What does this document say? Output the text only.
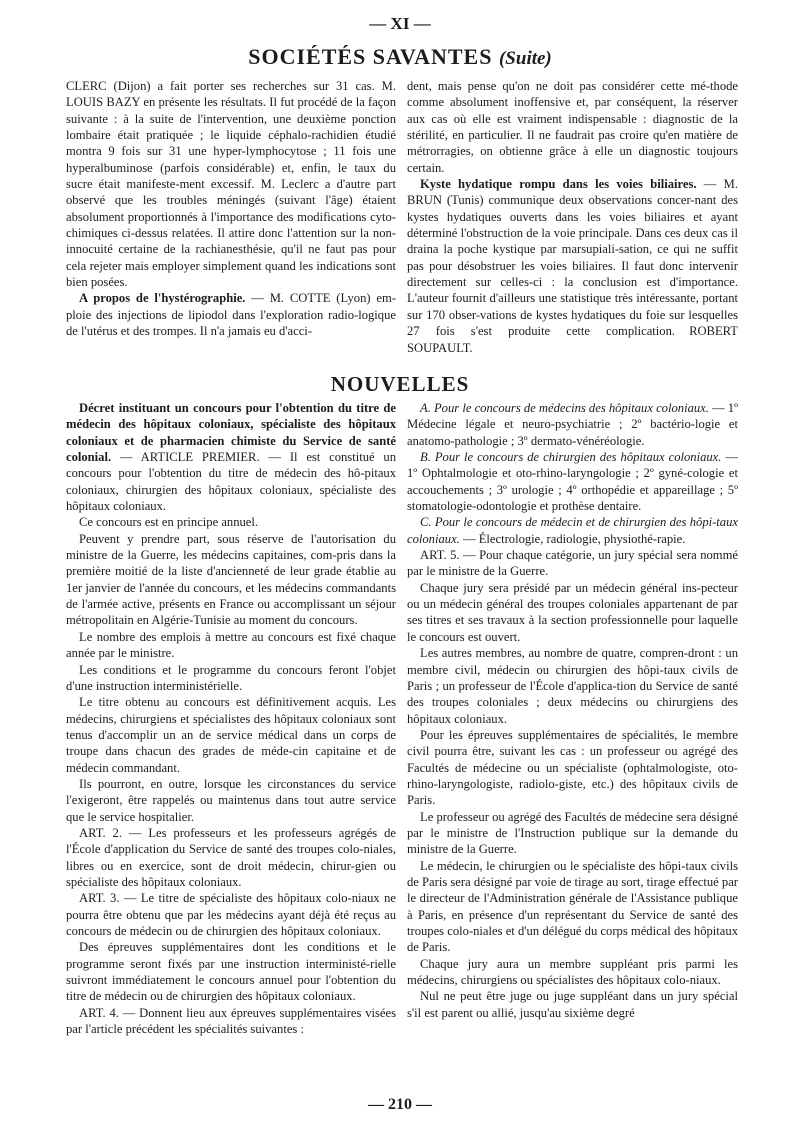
— XI —
SOCIÉTÉS SAVANTES (Suite)

CLERC (Dijon) a fait porter ses recherches sur 31 cas. M. LOUIS BAZY en présente les résultats. Il fut procédé de la façon suivante : à la suite de l'intervention, une deuxième ponction lombaire était pratiquée ; le liquide céphalo-rachidien étudié montra 9 fois sur 31 une hyper-lymphocytose ; 11 fois une hyperalbuminose (parfois considérable) et, enfin, le taux du sucre était manifeste-ment excessif. M. Leclerc a d'autre part observé que les troubles méningés (suivant l'âge) étaient absolument proportionnés à l'importance des modifications cyto-chimiques ci-dessus relatées. Il attire donc l'attention sur la non-innocuité certaine de la rachianesthésie, qu'il ne faut pas pour cela rejeter mais employer simplement quand les indications sont bien posées.

A propos de l'hystérographie. — M. COTTE (Lyon) em-ploie des injections de lipiodol dans l'exploration radio-logique de l'utérus et des trompes. Il n'a jamais eu d'acci-

dent, mais pense qu'on ne doit pas considérer cette mé-thode comme absolument inoffensive et, par conséquent, la réserver aux cas où elle est vraiment indispensable : diagnostic de la stérilité, en particulier. Il ne faudrait pas croire qu'en matière de métrorragies, on obtienne grâce à elle un diagnostic toujours certain.

Kyste hydatique rompu dans les voies biliaires. — M. BRUN (Tunis) communique deux observations concer-nant des kystes hydatiques ouverts dans les voies biliaires et ayant déterminé l'obstruction de la voie principale. Dans ces deux cas il draina la poche kystique par marsupiali-sation, ce qui ne suffit pas pour désobstruer les voies biliaires. Il faut donc intervenir directement sur celles-ci : la conclusion est d'importance. L'auteur fournit d'ailleurs une statistique très intéressante, portant sur 170 obser-vations de kystes hydatiques du foie sur lesquelles 27 fois s'est produite cette complication. ROBERT SOUPAULT.

NOUVELLES

Décret instituant un concours pour l'obtention du titre de médecin des hôpitaux coloniaux, spécialiste des hôpitaux coloniaux et de pharmacien chimiste du Service de santé colonial. — ARTICLE PREMIER. — Il est constitué un concours pour l'obtention du titre de médecin des hô-pitaux coloniaux, chirurgien des hôpitaux coloniaux, spécialiste des hôpitaux coloniaux.

Ce concours est en principe annuel.

Peuvent y prendre part, sous réserve de l'autorisation du ministre de la Guerre, les médecins capitaines, com-pris dans la première moitié de la liste d'ancienneté de leur grade établie au 1er janvier de l'année du concours, et les médecins commandants de l'armée active, présents en France ou accomplissant un séjour métropolitain en Algérie-Tunisie au moment du concours.

Le nombre des emplois à mettre au concours est fixé chaque année par le ministre.

Les conditions et le programme du concours feront l'objet d'une instruction interministérielle.

Le titre obtenu au concours est définitivement acquis. Les médecins, chirurgiens et spécialistes des hôpitaux coloniaux sont tenus d'accomplir un an de service médical dans un corps de troupe dans chacun des grades de méde-cin capitaine et de médecin commandant.

Ils pourront, en outre, lorsque les circonstances du service l'exigeront, être rappelés ou maintenus dans tout autre service que le service hospitalier.

ART. 2. — Les professeurs et les professeurs agrégés de l'École d'application du Service de santé des troupes colo-niales, libres ou en exercice, sont de droit médecin, chirur-gien ou spécialiste des hôpitaux coloniaux.

ART. 3. — Le titre de spécialiste des hôpitaux colo-niaux ne pourra être obtenu que par les médecins ayant déjà été reçus au concours de médecin ou de chirurgien des hôpitaux coloniaux.

Des épreuves supplémentaires dont les conditions et le programme seront fixés par une instruction interministé-rielle suivront immédiatement le concours annuel pour l'obtention du titre de médecin ou de chirurgien des hôpitaux coloniaux.

ART. 4. — Donnent lieu aux épreuves supplémentaires visées par l'article précédent les spécialités suivantes :

A. Pour le concours de médecins des hôpitaux coloniaux. — 1º Médecine légale et neuro-psychiatrie ; 2º bactério-logie et anatomo-pathologie ; 3º dermato-vénéréologie.

B. Pour le concours de chirurgien des hôpitaux coloniaux. — 1º Ophtalmologie et oto-rhino-laryngologie ; 2º gyné-cologie et accouchements ; 3º urologie ; 4º orthopédie et appareillage ; 5º stomatologie-odontologie et prothèse dentaire.

C. Pour le concours de médecin et de chirurgien des hôpi-taux coloniaux. — Électrologie, radiologie, physiothé-rapie.

ART. 5. — Pour chaque catégorie, un jury spécial sera nommé par le ministre de la Guerre.

Chaque jury sera présidé par un médecin général ins-pecteur ou un médecin général des troupes coloniales appartenant de par ses titres et ses travaux à la section professionnelle pour laquelle le concours est ouvert.

Les autres membres, au nombre de quatre, compren-dront : un membre civil, médecin ou chirurgien des hôpi-taux civils de Paris ; un professeur de l'École d'applica-tion du Service de santé des troupes coloniales ; deux médecins ou chirurgiens des hôpitaux coloniaux.

Pour les épreuves supplémentaires de spécialités, le membre civil pourra être, suivant les cas : un professeur ou agrégé des Facultés de médecine ou un spécialiste (ophtalmologiste, oto-rhino-laryngologiste, radiolo-giste, etc.) des hôpitaux civils de Paris.

Le professeur ou agrégé des Facultés de médecine sera désigné par le ministre de l'Instruction publique sur la demande du ministre de la Guerre.

Le médecin, le chirurgien ou le spécialiste des hôpi-taux civils de Paris sera désigné par voie de tirage au sort, tirage effectué par le directeur de l'Administration générale de l'Assistance publique à Paris, en présence d'un représentant du Service de santé des troupes colo-niales et d'un délégué du corps médical des hôpitaux de Paris.

Chaque jury aura un membre suppléant pris parmi les médecins, chirurgiens ou spécialistes des hôpitaux colo-niaux.

Nul ne peut être juge ou juge suppléant dans un jury spécial s'il est parent ou allié, jusqu'au sixième degré

— 210 —
